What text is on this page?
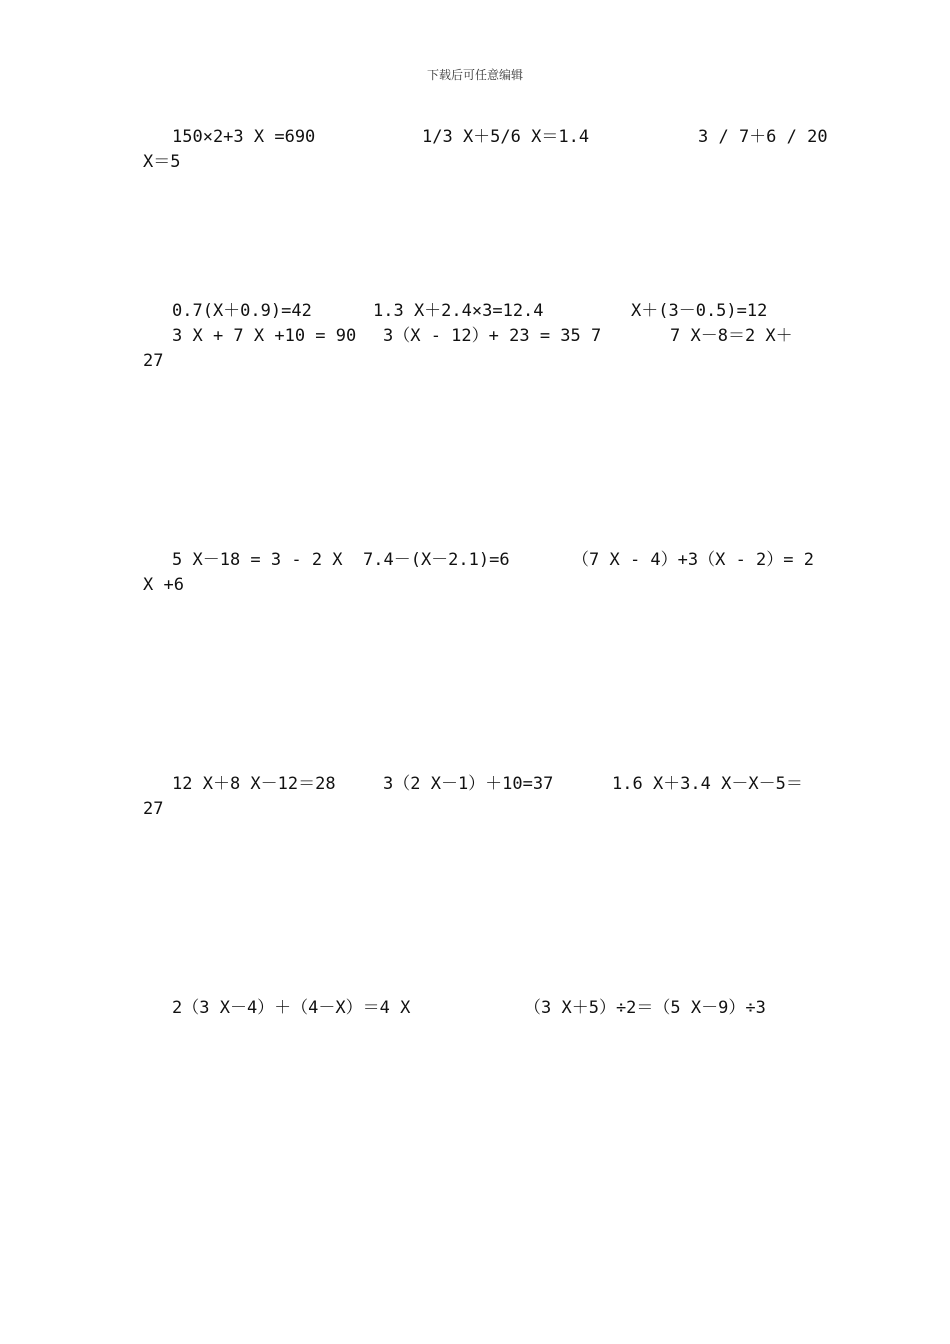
下载后可任意编辑
150×2+3 X =690	1/3 X＋5/6 X＝1.4	3 / 7＋6 / 20
X＝5
0.7(X＋0.9)=42	1.3 X＋2.4×3=12.4	X＋(3－0.5)=12
3 X + 7 X +10 = 90 3（X - 12）+ 23 = 35 7	7 X－8＝2 X＋
27
5 X－18 = 3 - 2 X 7.4－(X－2.1)=6	（7 X - 4）+3（X - 2）= 2
X +6
12 X＋8 X－12＝28	3（2 X－1）＋10=37	1.6 X＋3.4 X－X－5＝
27
2（3 X－4）＋（4－X）＝4 X	（3 X＋5）÷2＝（5 X－9）÷3
